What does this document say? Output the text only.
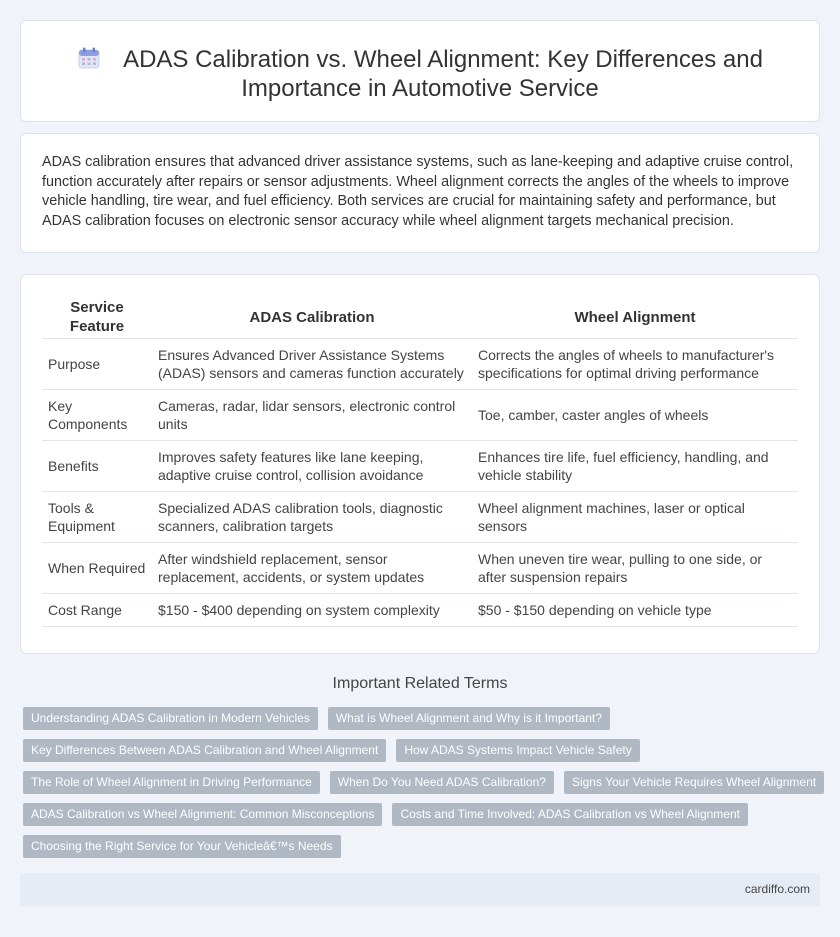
ADAS Calibration vs. Wheel Alignment: Key Differences and Importance in Automotive Service

ADAS calibration ensures that advanced driver assistance systems, such as lane-keeping and adaptive cruise control, function accurately after repairs or sensor adjustments. Wheel alignment corrects the angles of the wheels to improve vehicle handling, tire wear, and fuel efficiency. Both services are crucial for maintaining safety and performance, but ADAS calibration focuses on electronic sensor accuracy while wheel alignment targets mechanical precision.

Service Feature	ADAS Calibration	Wheel Alignment
Purpose	Ensures Advanced Driver Assistance Systems (ADAS) sensors and cameras function accurately	Corrects the angles of wheels to manufacturer's specifications for optimal driving performance
Key Components	Cameras, radar, lidar sensors, electronic control units	Toe, camber, caster angles of wheels
Benefits	Improves safety features like lane keeping, adaptive cruise control, collision avoidance	Enhances tire life, fuel efficiency, handling, and vehicle stability
Tools & Equipment	Specialized ADAS calibration tools, diagnostic scanners, calibration targets	Wheel alignment machines, laser or optical sensors
When Required	After windshield replacement, sensor replacement, accidents, or system updates	When uneven tire wear, pulling to one side, or after suspension repairs
Cost Range	$150 - $400 depending on system complexity	$50 - $150 depending on vehicle type
Important Related Terms
Understanding ADAS Calibration in Modern Vehicles	What is Wheel Alignment and Why is it Important?
Key Differences Between ADAS Calibration and Wheel Alignment	How ADAS Systems Impact Vehicle Safety
The Role of Wheel Alignment in Driving Performance	When Do You Need ADAS Calibration?	Signs Your Vehicle Requires Wheel Alignment
ADAS Calibration vs Wheel Alignment: Common Misconceptions	Costs and Time Involved: ADAS Calibration vs Wheel Alignment
Choosing the Right Service for Your Vehicleâ€™s Needs
cardiffo.com
